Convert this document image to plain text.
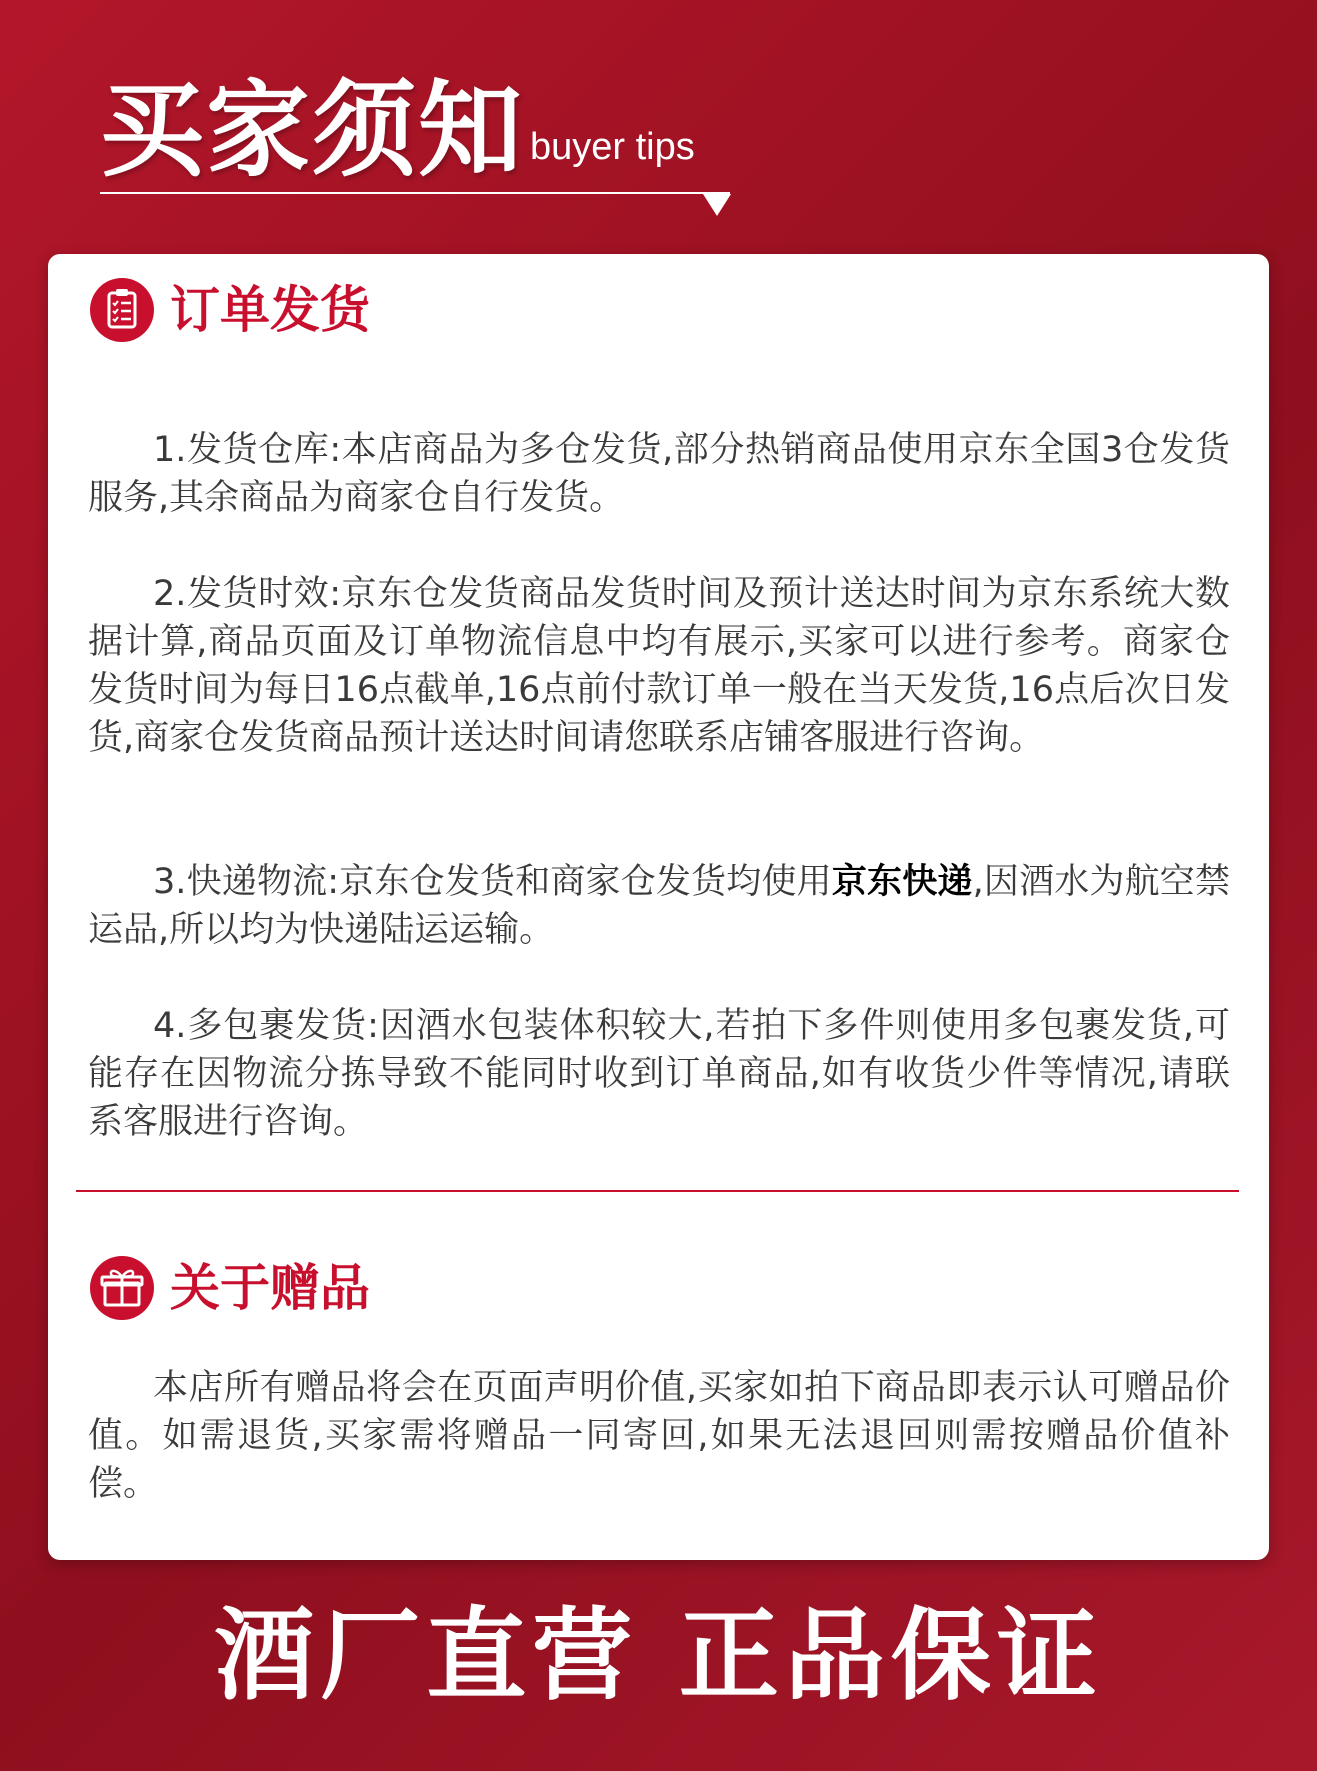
买家须知 buyer tips
订单发货

1.发货仓库:本店商品为多仓发货,部分热销商品使用京东全国3仓发货服务,其余商品为商家仓自行发货。

2.发货时效:京东仓发货商品发货时间及预计送达时间为京东系统大数据计算,商品页面及订单物流信息中均有展示,买家可以进行参考。商家仓发货时间为每日16点截单,16点前付款订单一般在当天发货,16点后次日发货,商家仓发货商品预计送达时间请您联系店铺客服进行咨询。

3.快递物流:京东仓发货和商家仓发货均使用京东快递,因酒水为航空禁运品,所以均为快递陆运运输。

4.多包裹发货:因酒水包装体积较大,若拍下多件则使用多包裹发货,可能存在因物流分拣导致不能同时收到订单商品,如有收货少件等情况,请联系客服进行咨询。

关于赠品

本店所有赠品将会在页面声明价值,买家如拍下商品即表示认可赠品价值。如需退货,买家需将赠品一同寄回,如果无法退回则需按赠品价值补偿。

酒厂直营 正品保证
